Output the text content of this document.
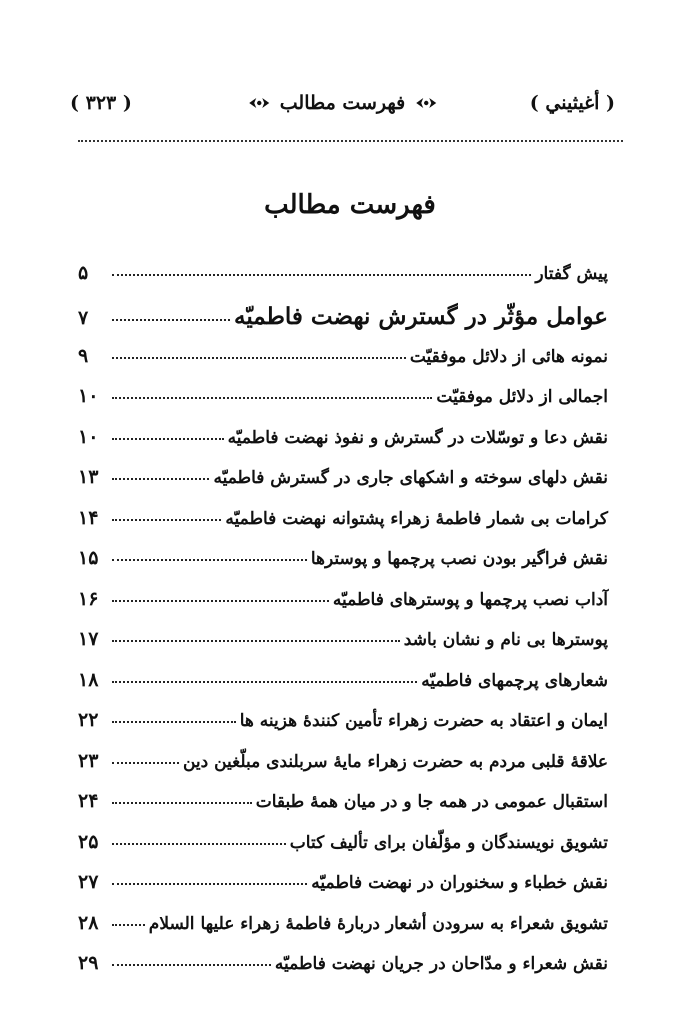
( أغيثيني )
فهرست مطالب
( ۳۲۳ )
فهرست مطالب
پیش گفتار
۵
عوامل مؤثّر در گسترش نهضت فاطمیّه
۷
نمونه هائی از دلائل موفقیّت
۹
اجمالی از دلائل موفقیّت
۱۰
نقش دعا و توسّلات در گسترش و نفوذ نهضت فاطمیّه
۱۰
نقش دلهای سوخته و اشکهای جاری در گسترش فاطمیّه
۱۳
کرامات بی شمار فاطمهٔ زهراء پشتوانه نهضت فاطمیّه
۱۴
نقش فراگیر بودن نصب پرچمها و پوسترها
۱۵
آداب نصب پرچمها و پوسترهای فاطمیّه
۱۶
پوسترها بی نام و نشان باشد
۱۷
شعارهای پرچمهای فاطمیّه
۱۸
ایمان و اعتقاد به حضرت زهراء تأمین کنندهٔ هزینه ها
۲۲
علاقهٔ قلبی مردم به حضرت زهراء مایهٔ سربلندی مبلّغین دین
۲۳
استقبال عمومی در همه جا و در میان همهٔ طبقات
۲۴
تشویق نویسندگان و مؤلّفان برای تألیف کتاب
۲۵
نقش خطباء و سخنوران در نهضت فاطمیّه
۲۷
تشویق شعراء به سرودن أشعار دربارهٔ فاطمهٔ زهراء عليها السلام
۲۸
نقش شعراء و مدّاحان در جریان نهضت فاطمیّه
۲۹
